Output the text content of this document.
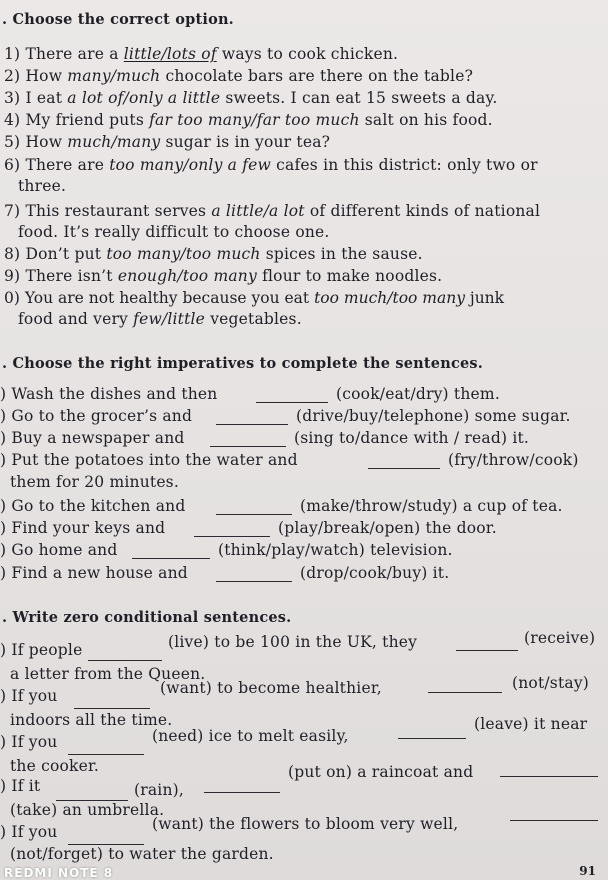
. Choose the correct option.
1) There are a little/lots of ways to cook chicken.
2) How many/much chocolate bars are there on the table?
3) I eat a lot of/only a little sweets. I can eat 15 sweets a day.
4) My friend puts far too many/far too much salt on his food.
5) How much/many sugar is in your tea?
6) There are too many/only a few cafes in this district: only two or
three.
7) This restaurant serves a little/a lot of different kinds of national
food. It’s really difficult to choose one.
8) Don’t put too many/too much spices in the sause.
9) There isn’t enough/too many flour to make noodles.
0) You are not healthy because you eat too much/too many junk
food and very few/little vegetables.
. Choose the right imperatives to complete the sentences.
) Wash the dishes and then	(cook/eat/dry) them.
) Go to the grocer’s and	(drive/buy/telephone) some sugar.
) Buy a newspaper and	(sing to/dance with / read) it.
) Put the potatoes into the water and	(fry/throw/cook)
them for 20 minutes.
) Go to the kitchen and	(make/throw/study) a cup of tea.
) Find your keys and	(play/break/open) the door.
) Go home and	(think/play/watch) television.
) Find a new house and	(drop/cook/buy) it.
. Write zero conditional sentences.
) If people	(live) to be 100 in the UK, they	(receive)
a letter from the Queen.
) If you	(want) to become healthier,	(not/stay)
indoors all the time.
) If you	(need) ice to melt easily,
(leave) it near
the cooker.
) If it	(rain),
(put on) a raincoat and
(take) an umbrella.
) If you	(want) the flowers to bloom very well,
(not/forget) to water the garden.
91
REDMI NOTE 8
